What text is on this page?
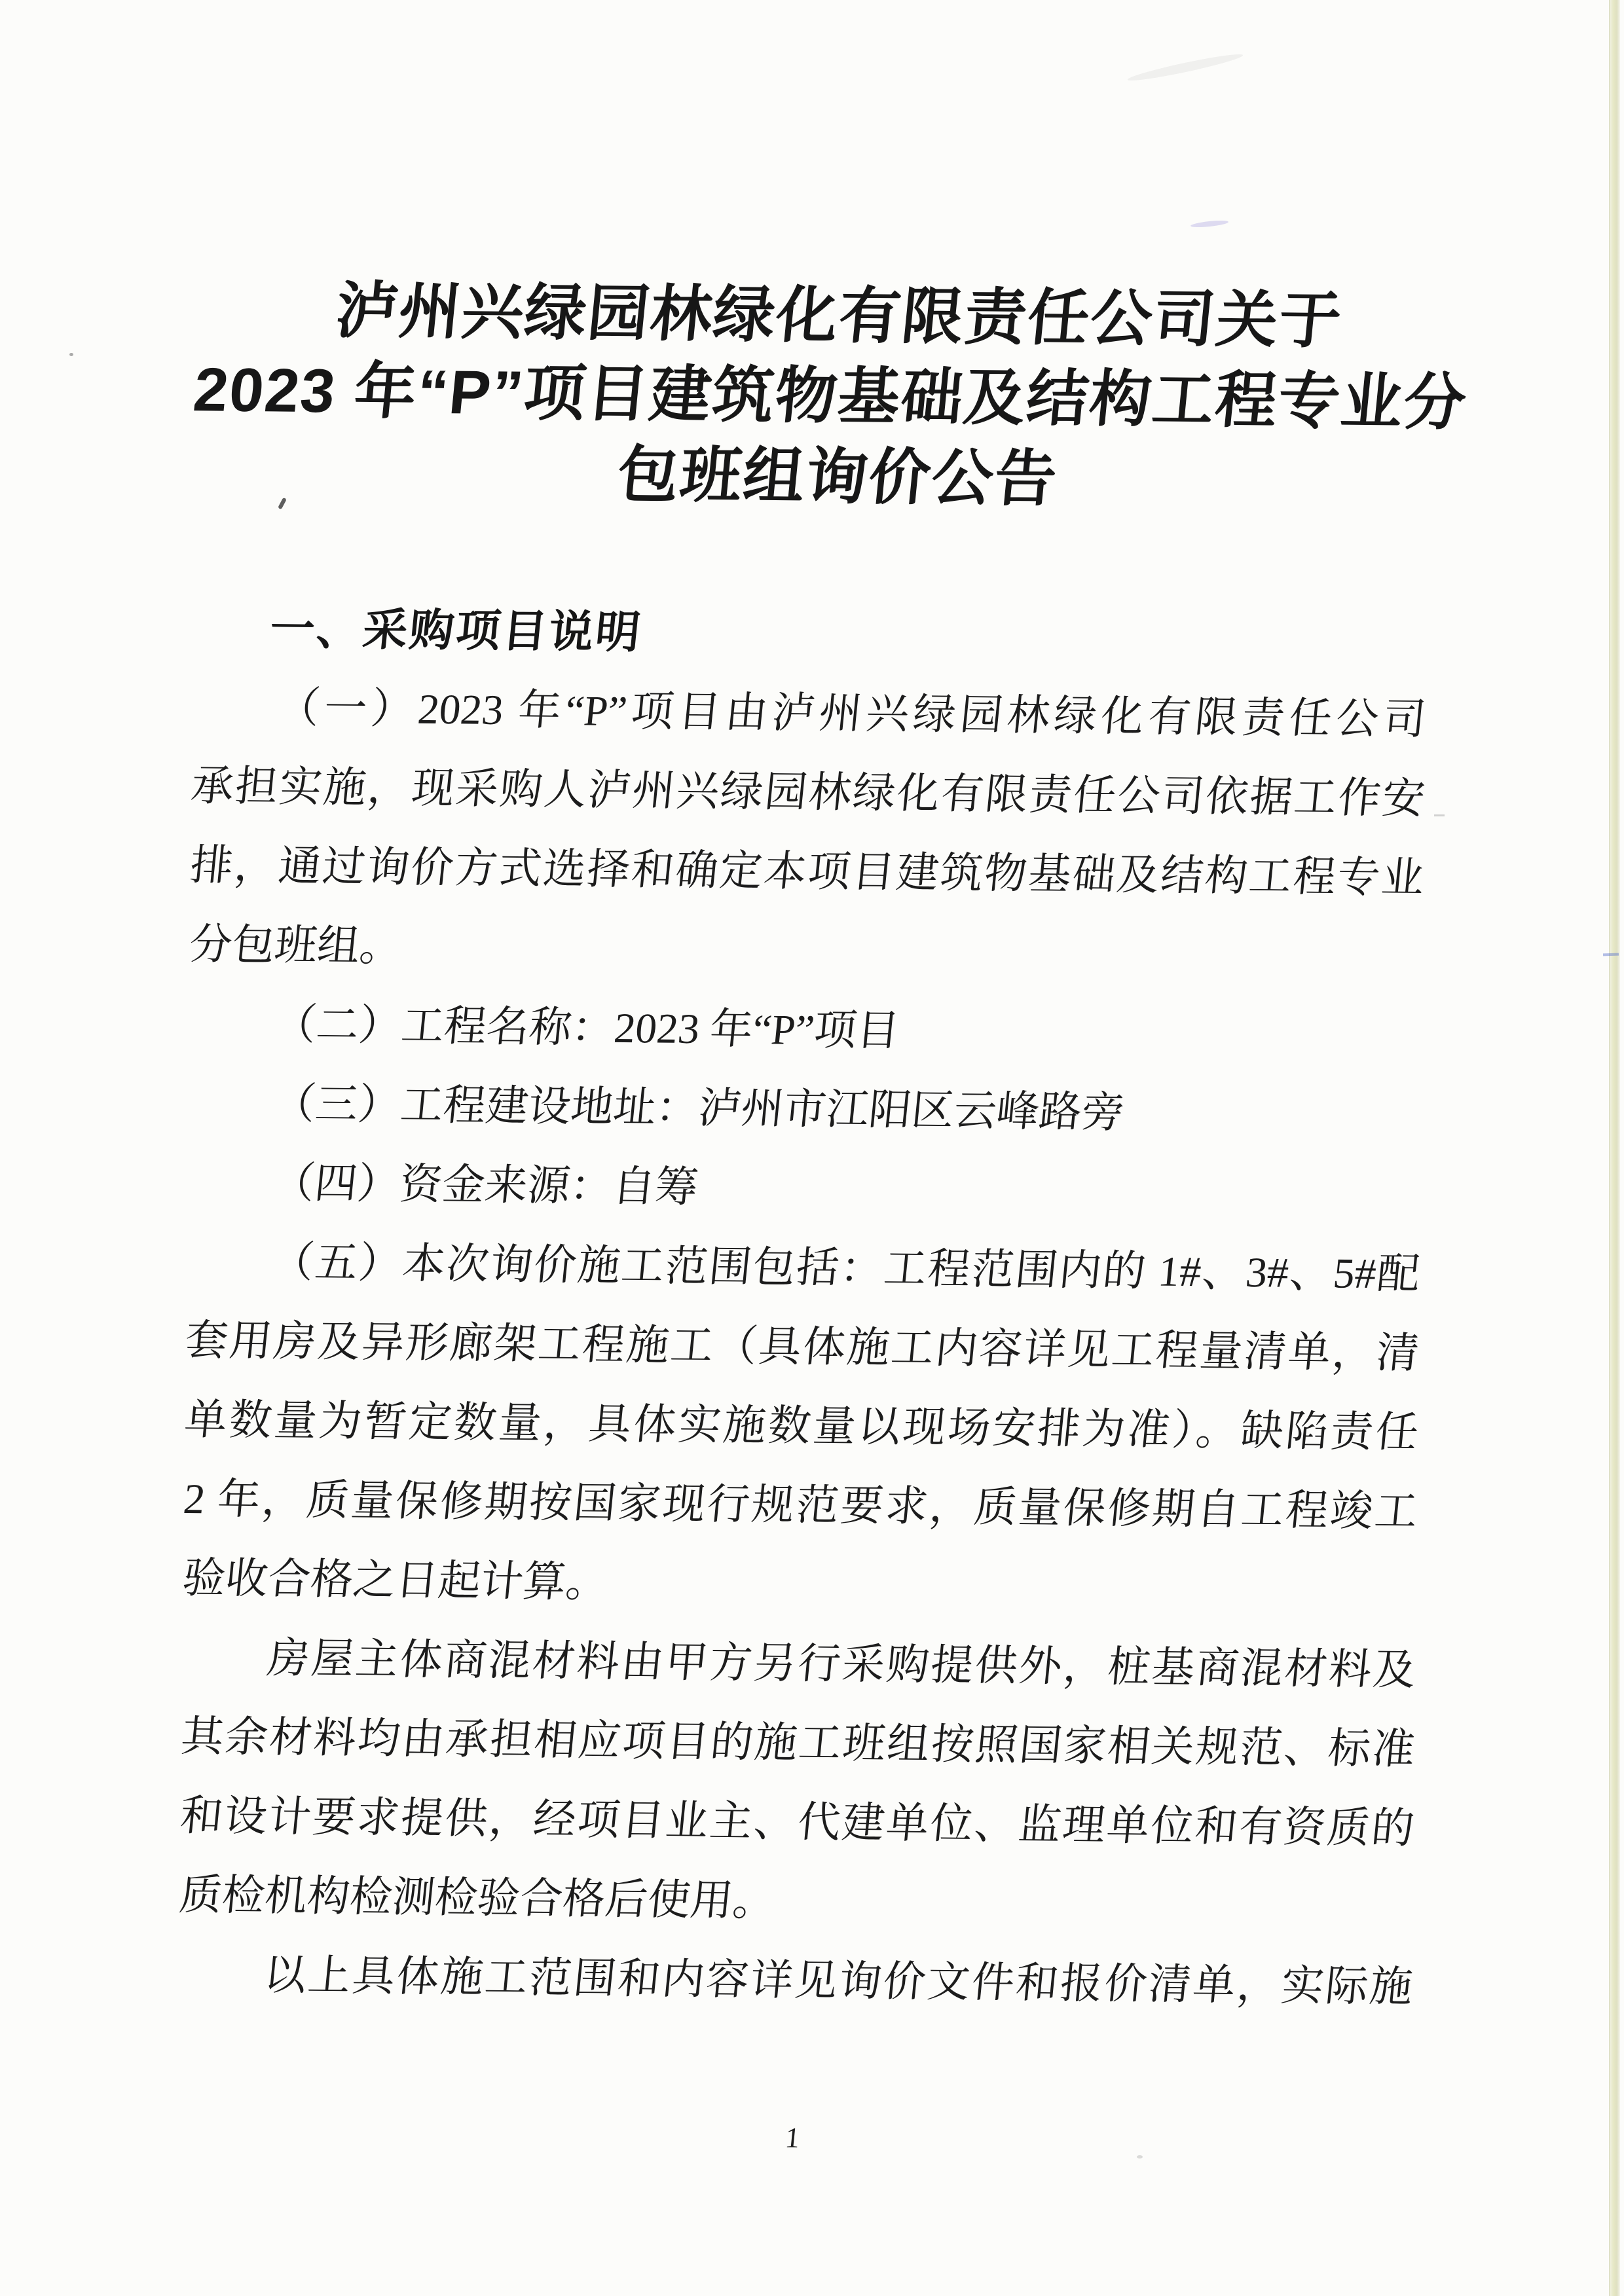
泸州兴绿园林绿化有限责任公司关于
2023 年“P”项目建筑物基础及结构工程专业分
包班组询价公告
一、采购项目说明
（一）2023 年“P”项目由泸州兴绿园林绿化有限责任公司
承担实施，现采购人泸州兴绿园林绿化有限责任公司依据工作安
排，通过询价方式选择和确定本项目建筑物基础及结构工程专业
分包班组。
（二）工程名称：2023 年“P”项目
（三）工程建设地址：泸州市江阳区云峰路旁
（四）资金来源：自筹
（五）本次询价施工范围包括：工程范围内的 1#、3#、5#配
套用房及异形廊架工程施工（具体施工内容详见工程量清单，清
单数量为暂定数量，具体实施数量以现场安排为准）。缺陷责任
2 年，质量保修期按国家现行规范要求，质量保修期自工程竣工
验收合格之日起计算。
房屋主体商混材料由甲方另行采购提供外，桩基商混材料及
其余材料均由承担相应项目的施工班组按照国家相关规范、标准
和设计要求提供，经项目业主、代建单位、监理单位和有资质的
质检机构检测检验合格后使用。
以上具体施工范围和内容详见询价文件和报价清单，实际施
1
